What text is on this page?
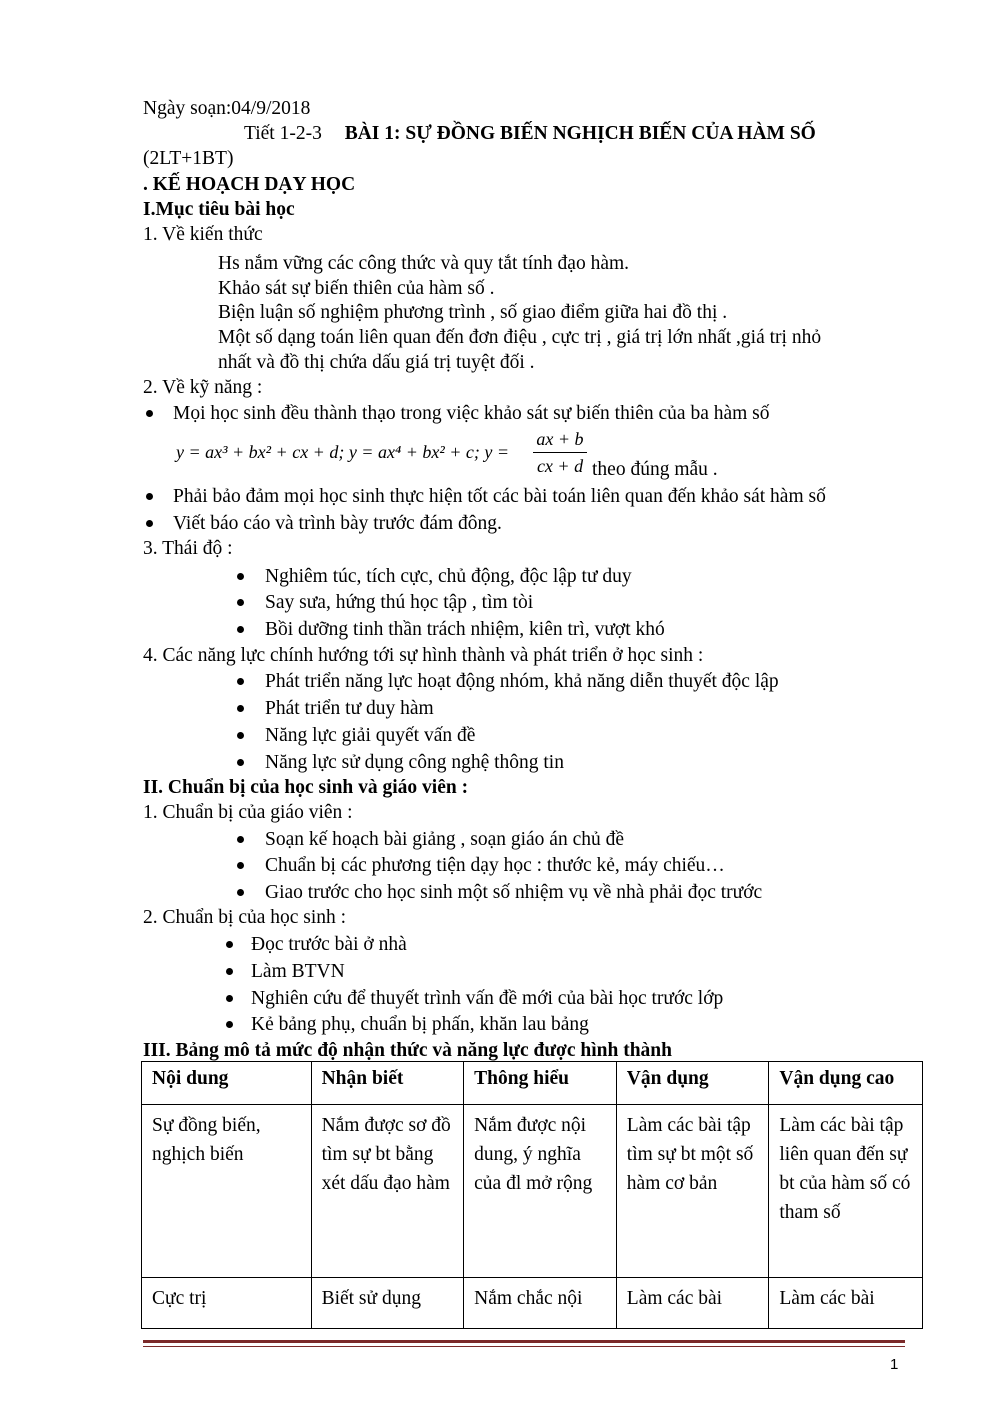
Ngày soạn:04/9/2018
Tiết 1-2-3 BÀI 1: SỰ ĐỒNG BIẾN NGHỊCH BIẾN CỦA HÀM SỐ
(2LT+1BT)
. KẾ HOẠCH DẠY HỌC
I.Mục tiêu bài học
1. Về kiến thức
Hs nắm vững các công thức và quy tắt tính đạo hàm.
Khảo sát sự biến thiên của hàm số .
Biện luận số nghiệm phương trình , số giao điểm giữa hai đồ thị .
Một số dạng toán liên quan đến đơn điệu , cực trị , giá trị lớn nhất ,giá trị nhỏ
nhất và đồ thị chứa dấu giá trị tuyệt đối .
2. Về kỹ năng :
Mọi học sinh đều thành thạo trong việc khảo sát sự biến thiên của ba hàm số
y = ax³ + bx² + cx + d; y = ax⁴ + bx² + c; y =
ax + b
cx + d theo đúng mẫu .
Phải bảo đảm mọi học sinh thực hiện tốt các bài toán liên quan đến khảo sát hàm số
Viết báo cáo và trình bày trước đám đông.
3. Thái độ :
Nghiêm túc, tích cực, chủ động, độc lập tư duy
Say sưa, hứng thú học tập , tìm tòi
Bồi dưỡng tinh thần trách nhiệm, kiên trì, vượt khó
4. Các năng lực chính hướng tới sự hình thành và phát triển ở học sinh :
Phát triển năng lực hoạt động nhóm, khả năng diễn thuyết độc lập
Phát triển tư duy hàm
Năng lực giải quyết vấn đề
Năng lực sử dụng công nghệ thông tin
II. Chuẩn bị của học sinh và giáo viên :
1. Chuẩn bị của giáo viên :
Soạn kế hoạch bài giảng , soạn giáo án chủ đề
Chuẩn bị các phương tiện dạy học : thước kẻ, máy chiếu…
Giao trước cho học sinh một số nhiệm vụ về nhà phải đọc trước
2. Chuẩn bị của học sinh :
Đọc trước bài ở nhà
Làm BTVN
Nghiên cứu để thuyết trình vấn đề mới của bài học trước lớp
Kẻ bảng phụ, chuẩn bị phấn, khăn lau bảng
III. Bảng mô tả mức độ nhận thức và năng lực được hình thành
Nội dung	Nhận biết	Thông hiểu	Vận dụng	Vận dụng cao
Sự đồng biến, nghịch biến	Nắm được sơ đồ tìm sự bt bằng xét dấu đạo hàm	Nắm được nội dung, ý nghĩa của đl mở rộng	Làm các bài tập tìm sự bt một số hàm cơ bản	Làm các bài tập liên quan đến sự bt của hàm số có tham số
Cực trị	Biết sử dụng	Nắm chắc nội	Làm các bài	Làm các bài
1
